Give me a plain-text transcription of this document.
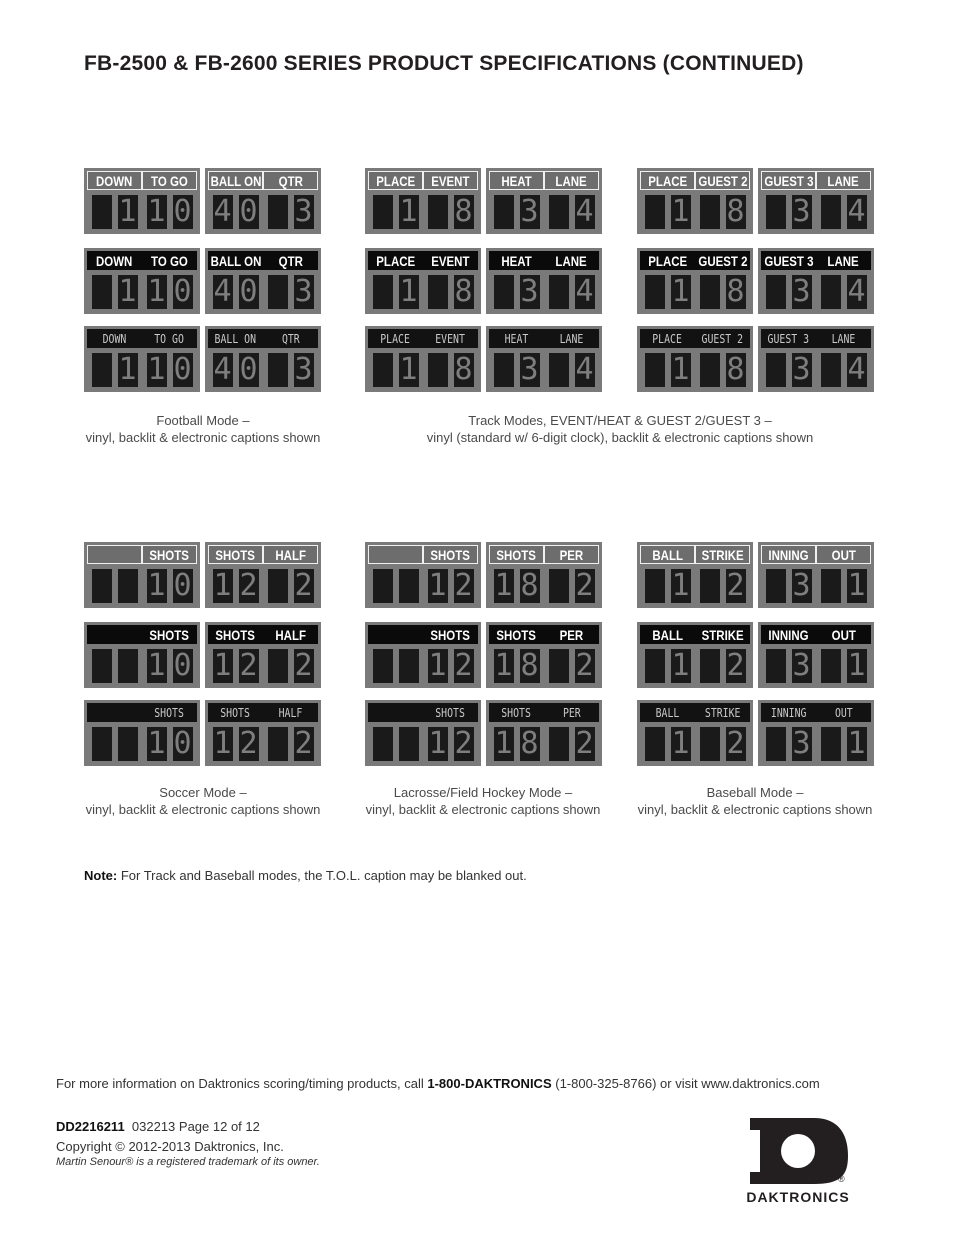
FB-2500 & FB-2600 SERIES PRODUCT SPECIFICATIONS (CONTINUED)
DOWN TO GO
1 1 0
BALL ON QTR
4 0 3
DOWN TO GO
1 1 0
BALL ON QTR
4 0 3
DOWN TO GO
1 1 0
BALL ON QTR
4 0 3
PLACE EVENT
1 8
HEAT LANE
3 4
PLACE EVENT
1 8
HEAT LANE
3 4
PLACE EVENT
1 8
HEAT	LANE
3 4
PLACE GUEST 2
1 8
GUEST 3 LANE
3 4
PLACE GUEST 2
1 8
GUEST 3 LANE
3 4
PLACE GUEST 2
1 8
GUEST 3 LANE
3 4
SHOTS
1 0
SHOTS HALF
1 2 2
SHOTS
1 0
SHOTS HALF
1 2 2
SHOTS
1 0
SHOTS HALF
1 2 2
SHOTS
1 2
SHOTS PER
1 8 2
SHOTS
1 2
SHOTS PER
1 8 2
SHOTS
1 2
SHOTS	PER
1 8 2
BALL STRIKE
1 2
INNING OUT
3 1
BALL STRIKE
1 2
INNING OUT
3 1
BALL STRIKE
1 2
INNING OUT
3 1
Football Mode –
vinyl, backlit & electronic captions shown
Track Modes, EVENT/HEAT & GUEST 2/GUEST 3 –
vinyl (standard w/ 6-digit clock), backlit & electronic captions shown
Soccer Mode –
vinyl, backlit & electronic captions shown
Lacrosse/Field Hockey Mode –
vinyl, backlit & electronic captions shown
Baseball Mode –
vinyl, backlit & electronic captions shown
Note: For Track and Baseball modes, the T.O.L. caption may be blanked out.
For more information on Daktronics scoring/timing products, call 1-800-DAKTRONICS (1-800-325-8766) or visit www.daktronics.com
DD2216211 032213 Page 12 of 12
Copyright © 2012-2013 Daktronics, Inc.
Martin Senour® is a registered trademark of its owner.
®
DAKTRONICS
